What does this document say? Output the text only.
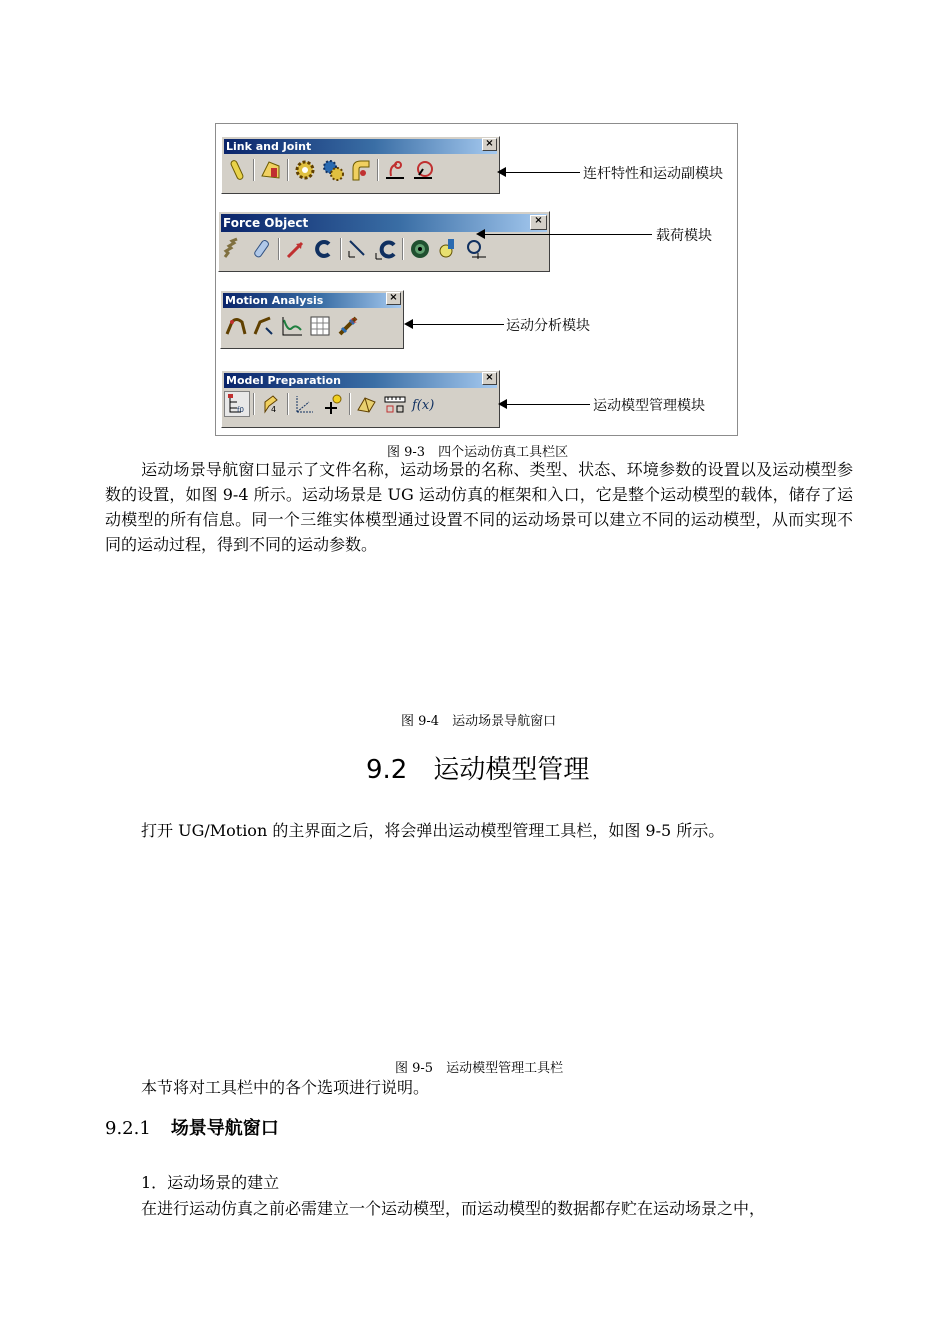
Link and Joint	×
连杆特性和运动副模块
Force Object	×
载荷模块
Motion Analysis	×
f2	运动分析模块
Model Preparation	×
f0	4	f(x)	运动模型管理模块
图 9-3　四个运动仿真工具栏区
运动场景导航窗口显示了文件名称，运动场景的名称、类型、状态、环境参数的设置以及运动模型参数的设置，如图 9-4 所示。运动场景是 UG 运动仿真的框架和入口，它是整个运动模型的载体，储存了运动模型的所有信息。同一个三维实体模型通过设置不同的运动场景可以建立不同的运动模型，从而实现不同的运动过程，得到不同的运动参数。
图 9-4　运动场景导航窗口
9.2　运动模型管理
打开 UG/Motion 的主界面之后，将会弹出运动模型管理工具栏，如图 9-5 所示。
图 9-5　运动模型管理工具栏
本节将对工具栏中的各个选项进行说明。
9.2.1 场景导航窗口
1．运动场景的建立
在进行运动仿真之前必需建立一个运动模型，而运动模型的数据都存贮在运动场景之中，
